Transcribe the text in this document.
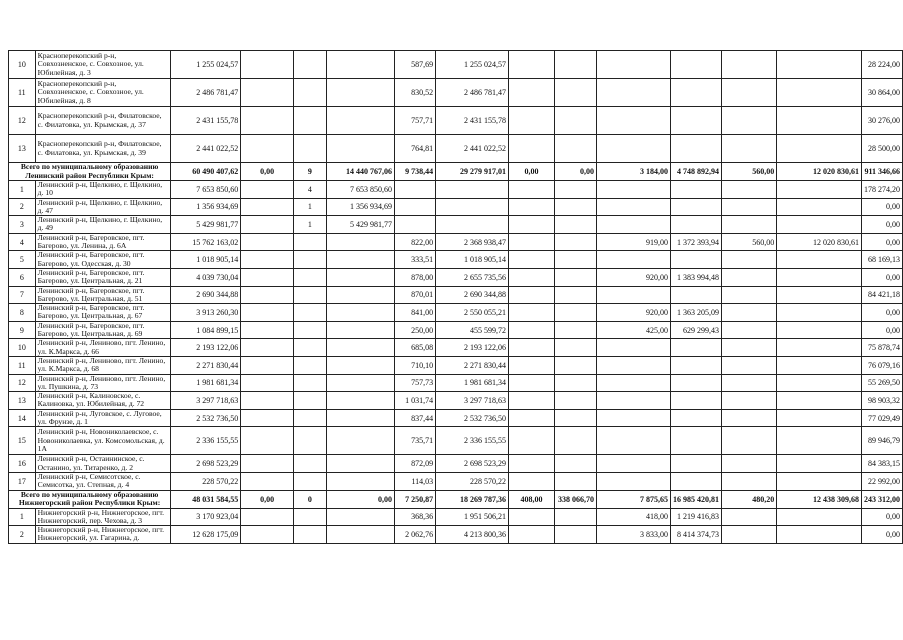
10	Красноперекопский р-н, Совхозненское, с. Совхозное, ул. Юбилейная, д. 3	1 255 024,57				587,69	1 255 024,57							28 224,00
11	Красноперекопский р-н, Совхозненское, с. Совхозное, ул. Юбилейная, д. 8	2 486 781,47				830,52	2 486 781,47							30 864,00
12	Красноперекопский р-н, Филатовское, с. Филатовка, ул. Крымская, д. 37	2 431 155,78				757,71	2 431 155,78							30 276,00
13	Красноперекопский р-н, Филатовское, с. Филатовка, ул. Крымская, д. 39	2 441 022,52				764,81	2 441 022,52							28 500,00
Всего по муниципальному образованию Ленинский район Республики Крым:		60 490 407,62	0,00	9	14 440 767,06	9 738,44	29 279 917,01	0,00	0,00	3 184,00	4 748 892,94	560,00	12 020 830,61	911 346,66
1	Ленинский р-н, Щелкино, г. Щелкино, д. 10	7 653 850,60		4	7 653 850,60									178 274,20
2	Ленинский р-н, Щелкино, г. Щелкино, д. 47	1 356 934,69		1	1 356 934,69									0,00
3	Ленинский р-н, Щелкино, г. Щелкино, д. 49	5 429 981,77		1	5 429 981,77									0,00
4	Ленинский р-н, Багеровское, пгт. Багерово, ул. Ленина, д. 6А	15 762 163,02				822,00	2 368 938,47			919,00	1 372 393,94	560,00	12 020 830,61	0,00
5	Ленинский р-н, Багеровское, пгт. Багерово, ул. Одесская, д. 30	1 018 905,14				333,51	1 018 905,14							68 169,13
6	Ленинский р-н, Багеровское, пгт. Багерово, ул. Центральная, д. 21	4 039 730,04				878,00	2 655 735,56			920,00	1 383 994,48			0,00
7	Ленинский р-н, Багеровское, пгт. Багерово, ул. Центральная, д. 51	2 690 344,88				870,01	2 690 344,88							84 421,18
8	Ленинский р-н, Багеровское, пгт. Багерово, ул. Центральная, д. 67	3 913 260,30				841,00	2 550 055,21			920,00	1 363 205,09			0,00
9	Ленинский р-н, Багеровское, пгт. Багерово, ул. Центральная, д. 69	1 084 899,15				250,00	455 599,72			425,00	629 299,43			0,00
10	Ленинский р-н, Лениново, пгт. Ленино, ул. К.Маркса, д. 66	2 193 122,06				685,08	2 193 122,06							75 878,74
11	Ленинский р-н, Лениново, пгт. Ленино, ул. К.Маркса, д. 68	2 271 830,44				710,10	2 271 830,44							76 079,16
12	Ленинский р-н, Лениново, пгт. Ленино, ул. Пушкина, д. 73	1 981 681,34				757,73	1 981 681,34							55 269,50
13	Ленинский р-н, Калиновское, с. Калиновка, ул. Юбилейная, д. 72	3 297 718,63				1 031,74	3 297 718,63							98 903,32
14	Ленинский р-н, Луговское, с. Луговое, ул. Фрунзе, д. 1	2 532 736,50				837,44	2 532 736,50							77 029,49
15	Ленинский р-н, Новониколаевское, с. Новониколаевка, ул. Комсомольская, д. 1А	2 336 155,55				735,71	2 336 155,55							89 946,79
16	Ленинский р-н, Остаининское, с. Останино, ул. Титаренко, д. 2	2 698 523,29				872,09	2 698 523,29							84 383,15
17	Ленинский р-н, Семисотское, с. Семисотка, ул. Степная, д. 4	228 570,22				114,03	228 570,22							22 992,00
Всего по муниципальному образованию Нижнегорский район Республики Крым:		48 031 584,55	0,00	0	0,00	7 250,87	18 269 787,36	408,00	338 066,70	7 875,65	16 985 420,81	480,20	12 438 309,68	243 312,00
1	Нижнегорский р-н, Нижнегорское, пгт. Нижнегорский, пер. Чехова, д. 3	3 170 923,04				368,36	1 951 506,21			418,00	1 219 416,83			0,00
2	Нижнегорский р-н, Нижнегорское, пгт. Нижнегорский, ул. Гагарина, д.	12 628 175,09				2 062,76	4 213 800,36			3 833,00	8 414 374,73			0,00
